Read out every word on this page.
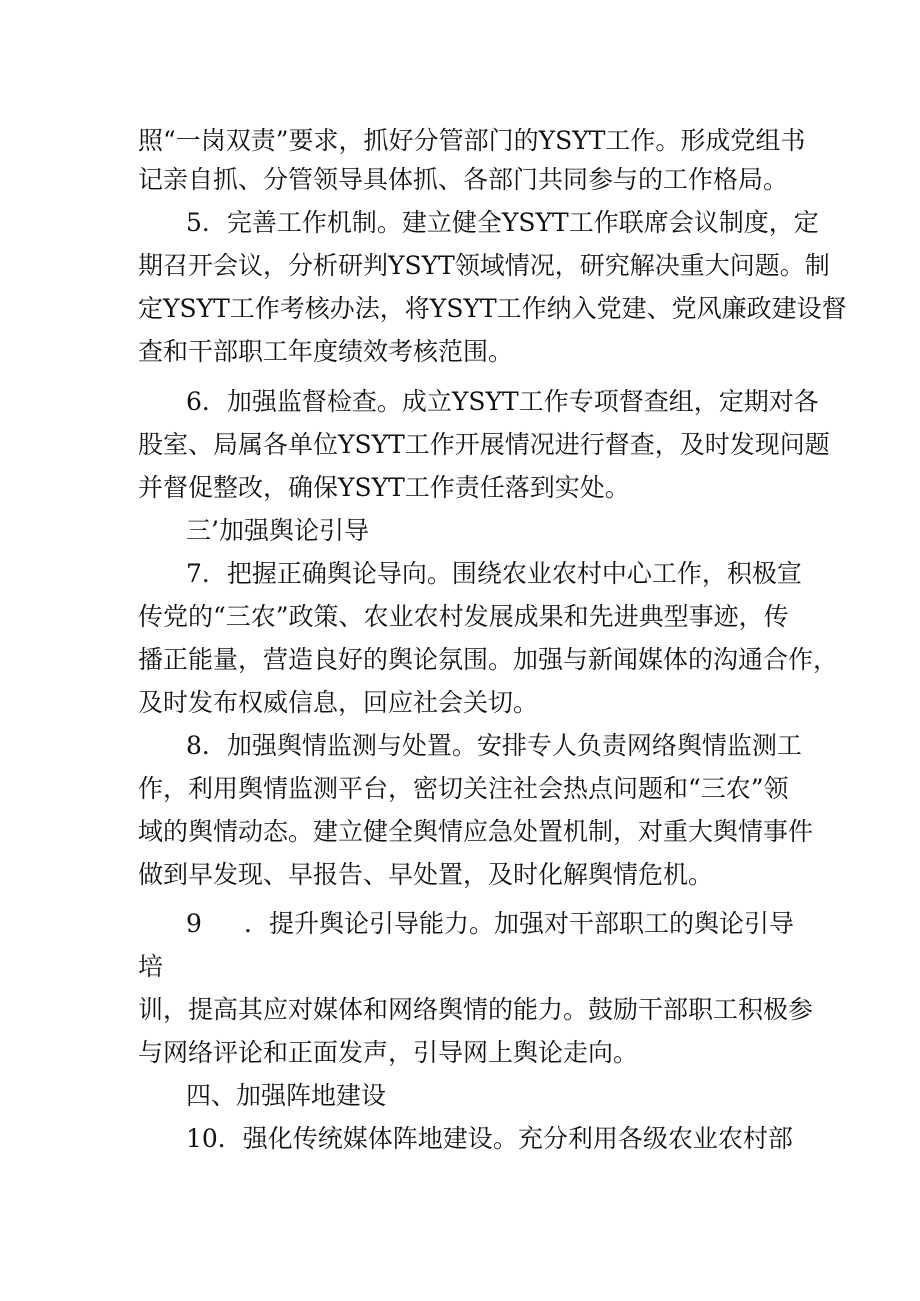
照“一岗双责”要求，抓好分管部门的YSYT工作。形成党组书
记亲自抓、分管领导具体抓、各部门共同参与的工作格局。
5．完善工作机制。建立健全YSYT工作联席会议制度，定
期召开会议，分析研判YSYT领域情况，研究解决重大问题。制
定YSYT工作考核办法，将YSYT工作纳入党建、党风廉政建设督
查和干部职工年度绩效考核范围。
6．加强监督检查。成立YSYT工作专项督查组，定期对各
股室、局属各单位YSYT工作开展情况进行督查，及时发现问题
并督促整改，确保YSYT工作责任落到实处。
三’加强舆论引导
7．把握正确舆论导向。围绕农业农村中心工作，积极宣
传党的“三农”政策、农业农村发展成果和先进典型事迹，传
播正能量，营造良好的舆论氛围。加强与新闻媒体的沟通合作，
及时发布权威信息，回应社会关切。
8．加强舆情监测与处置。安排专人负责网络舆情监测工
作，利用舆情监测平台，密切关注社会热点问题和“三农”领
域的舆情动态。建立健全舆情应急处置机制，对重大舆情事件
做到早发现、早报告、早处置，及时化解舆情危机。
9 ．提升舆论引导能力。加强对干部职工的舆论引导
培
训，提高其应对媒体和网络舆情的能力。鼓励干部职工积极参
与网络评论和正面发声，引导网上舆论走向。
四、加强阵地建设
10．强化传统媒体阵地建设。充分利用各级农业农村部
